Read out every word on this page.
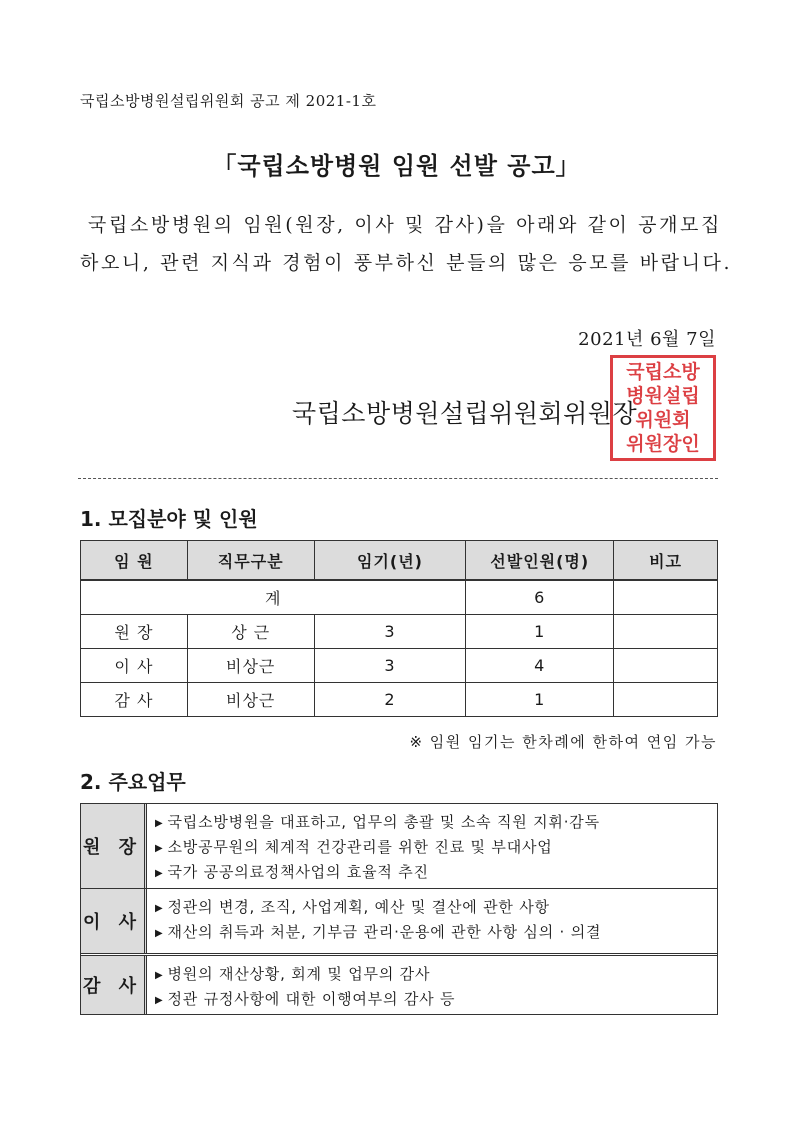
국립소방병원설립위원회 공고 제 2021-1호
「국립소방병원 임원 선발 공고」
국립소방병원의 임원(원장, 이사 및 감사)을 아래와 같이 공개모집
하오니, 관련 지식과 경험이 풍부하신 분들의 많은 응모를 바랍니다.
2021년 6월 7일
국립소방병원설립위원회위원장
국립소방
병원설립
위원회
위원장인
1. 모집분야 및 인원
임 원	직무구분	임기(년)	선발인원(명)	비고
계			6	
원 장	상 근	3	1	
이 사	비상근	3	4	
감 사	비상근	2	1	
※ 임원 임기는 한차례에 한하여 연임 가능
2. 주요업무
원 장
▶ 국립소방병원을 대표하고, 업무의 총괄 및 소속 직원 지휘·감독
▶ 소방공무원의 체계적 건강관리를 위한 진료 및 부대사업
▶ 국가 공공의료정책사업의 효율적 추진
이 사
▶ 정관의 변경, 조직, 사업계획, 예산 및 결산에 관한 사항
▶ 재산의 취득과 처분, 기부금 관리·운용에 관한 사항 심의 · 의결
감 사
▶ 병원의 재산상황, 회계 및 업무의 감사
▶ 정관 규정사항에 대한 이행여부의 감사 등
